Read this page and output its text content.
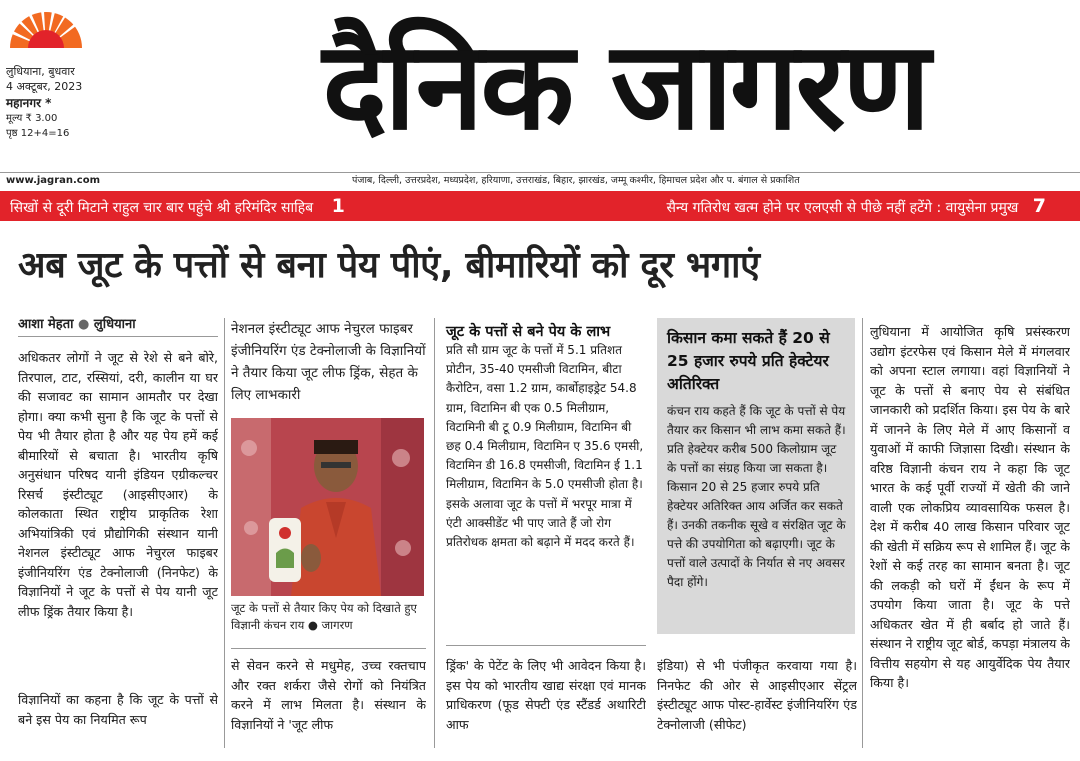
लुधियाना, बुधवार
4 अक्टूबर, 2023
महानगर *
मूल्य ₹ 3.00
पृष्ठ 12+4=16	दैनिक जागरण
www.jagran.com	पंजाब, दिल्ली, उत्तरप्रदेश, मध्यप्रदेश, हरियाणा, उत्तराखंड, बिहार, झारखंड, जम्मू कश्मीर, हिमाचल प्रदेश और प. बंगाल से प्रकाशित
सिखों से दूरी मिटाने राहुल चार बार पहुंचे श्री हरिमंदिर साहिब 1	सैन्य गतिरोध खत्म होने पर एलएसी से पीछे नहीं हटेंगे : वायुसेना प्रमुख 7
अब जूट के पत्तों से बना पेय पीएं, बीमारियों को दूर भगाएं
आशा मेहता ● लुधियाना
अधिकतर लोगों ने जूट से रेशे से बने बोरे, तिरपाल, टाट, रस्सियां, दरी, कालीन या घर की सजावट का सामान आमतौर पर देखा होगा। क्या कभी सुना है कि जूट के पत्तों से पेय भी तैयार होता है और यह पेय हमें कई बीमारियों से बचाता है। भारतीय कृषि अनुसंधान परिषद यानी इंडियन एग्रीकल्चर रिसर्च इंस्टीट्यूट (आइसीएआर) के कोलकाता स्थित राष्ट्रीय प्राकृतिक रेशा अभियांत्रिकी एवं प्रौद्योगिकी संस्थान यानी नेशनल इंस्टीट्यूट आफ नेचुरल फाइबर इंजीनियरिंग एंड टेक्नोलाजी (निनफेट) के विज्ञानियों ने जूट के पत्तों से पेय यानी जूट लीफ ड्रिंक तैयार किया है।
विज्ञानियों का कहना है कि जूट के पत्तों से बने इस पेय का नियमित रूप
नेशनल इंस्टीट्यूट आफ नेचुरल फाइबर इंजीनियरिंग एंड टेक्नोलाजी के विज्ञानियों ने तैयार किया जूट लीफ ड्रिंक, सेहत के लिए लाभकारी
जूट के पत्तों से तैयार किए पेय को दिखाते हुए विज्ञानी कंचन राय ● जागरण
से सेवन करने से मधुमेह, उच्च रक्तचाप और रक्त शर्करा जैसे रोगों को नियंत्रित करने में लाभ मिलता है। संस्थान के विज्ञानियों ने 'जूट लीफ
जूट के पत्तों से बने पेय के लाभ
प्रति सौ ग्राम जूट के पत्तों में 5.1 प्रतिशत प्रोटीन, 35-40 एमसीजी विटामिन, बीटा कैरोटिन, वसा 1.2 ग्राम, कार्बोहाइड्रेट 54.8 ग्राम, विटामिन बी एक 0.5 मिलीग्राम, विटामिनी बी टू 0.9 मिलीग्राम, विटामिन बी छह 0.4 मिलीग्राम, विटामिन ए 35.6 एमसी, विटामिन डी 16.8 एमसीजी, विटामिन ई 1.1 मिलीग्राम, विटामिन के 5.0 एमसीजी होता है। इसके अलावा जूट के पत्तों में भरपूर मात्रा में एंटी आक्सीडेंट भी पाए जाते हैं जो रोग प्रतिरोधक क्षमता को बढ़ाने में मदद करते हैं।
ड्रिंक' के पेटेंट के लिए भी आवेदन किया है। इस पेय को भारतीय खाद्य संरक्षा एवं मानक प्राधिकरण (फूड सेफ्टी एंड स्टैंडर्ड अथारिटी आफ
किसान कमा सकते हैं 20 से 25 हजार रुपये प्रति हेक्टेयर अतिरिक्त
कंचन राय कहते हैं कि जूट के पत्तों से पेय तैयार कर किसान भी लाभ कमा सकते हैं। प्रति हेक्टेयर करीब 500 किलोग्राम जूट के पत्तों का संग्रह किया जा सकता है। किसान 20 से 25 हजार रुपये प्रति हेक्टेयर अतिरिक्त आय अर्जित कर सकते हैं। उनकी तकनीक सूखे व संरक्षित जूट के पत्ते की उपयोगिता को बढ़ाएगी। जूट के पत्तों वाले उत्पादों के निर्यात से नए अवसर पैदा होंगे।
इंडिया) से भी पंजीकृत करवाया गया है। निनफेट की ओर से आइसीएआर सेंट्रल इंस्टीट्यूट आफ पोस्ट-हार्वेस्ट इंजीनियरिंग एंड टेक्नोलाजी (सीफेट)
लुधियाना में आयोजित कृषि प्रसंस्करण उद्योग इंटरफेस एवं किसान मेले में मंगलवार को अपना स्टाल लगाया। वहां विज्ञानियों ने जूट के पत्तों से बनाए पेय से संबंधित जानकारी को प्रदर्शित किया। इस पेय के बारे में जानने के लिए मेले में आए किसानों व युवाओं में काफी जिज्ञासा दिखी। संस्थान के वरिष्ठ विज्ञानी कंचन राय ने कहा कि जूट भारत के कई पूर्वी राज्यों में खेती की जाने वाली एक लोकप्रिय व्यावसायिक फसल है। देश में करीब 40 लाख किसान परिवार जूट की खेती में सक्रिय रूप से शामिल हैं। जूट के रेशों से कई तरह का सामान बनता है। जूट की लकड़ी को घरों में ईंधन के रूप में उपयोग किया जाता है। जूट के पत्ते अधिकतर खेत में ही बर्बाद हो जाते हैं। संस्थान ने राष्ट्रीय जूट बोर्ड, कपड़ा मंत्रालय के वित्तीय सहयोग से यह आयुर्वेदिक पेय तैयार किया है।
